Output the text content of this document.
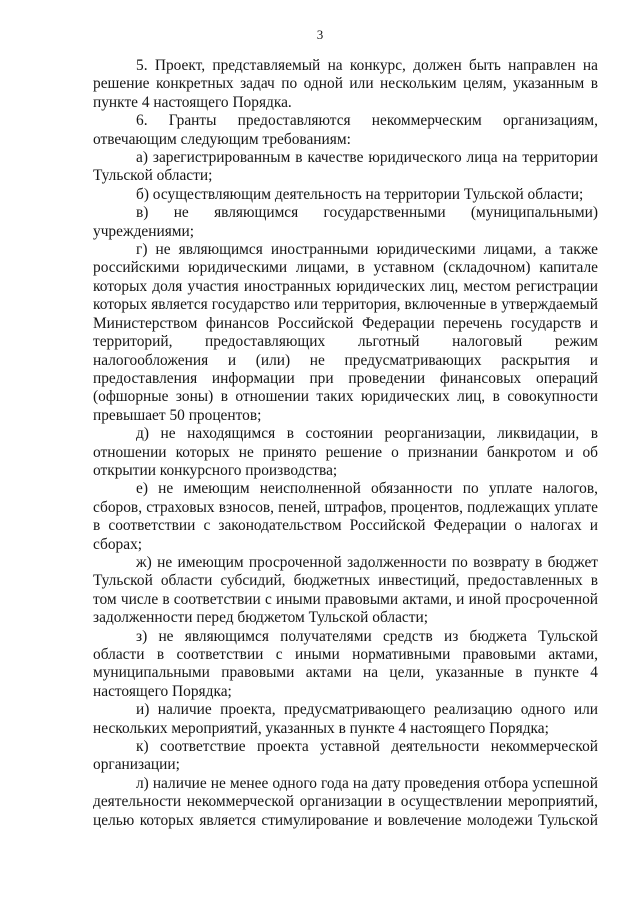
3

5. Проект, представляемый на конкурс, должен быть направлен на решение конкретных задач по одной или нескольким целям, указанным в пункте 4 настоящего Порядка.

6. Гранты предоставляются некоммерческим организациям, отвечающим следующим требованиям:

а) зарегистрированным в качестве юридического лица на территории Тульской области;

б) осуществляющим деятельность на территории Тульской области;

в) не являющимся государственными (муниципальными) учреждениями;

г) не являющимся иностранными юридическими лицами, а также российскими юридическими лицами, в уставном (складочном) капитале которых доля участия иностранных юридических лиц, местом регистрации которых является государство или территория, включенные в утверждаемый Министерством финансов Российской Федерации перечень государств и территорий, предоставляющих льготный налоговый режим налогообложения и (или) не предусматривающих раскрытия и предоставления информации при проведении финансовых операций (офшорные зоны) в отношении таких юридических лиц, в совокупности превышает 50 процентов;

д) не находящимся в состоянии реорганизации, ликвидации, в отношении которых не принято решение о признании банкротом и об открытии конкурсного производства;

е) не имеющим неисполненной обязанности по уплате налогов, сборов, страховых взносов, пеней, штрафов, процентов, подлежащих уплате в соответствии с законодательством Российской Федерации о налогах и сборах;

ж) не имеющим просроченной задолженности по возврату в бюджет Тульской области субсидий, бюджетных инвестиций, предоставленных в том числе в соответствии с иными правовыми актами, и иной просроченной задолженности перед бюджетом Тульской области;

з) не являющимся получателями средств из бюджета Тульской области в соответствии с иными нормативными правовыми актами, муниципальными правовыми актами на цели, указанные в пункте 4 настоящего Порядка;

и) наличие проекта, предусматривающего реализацию одного или нескольких мероприятий, указанных в пункте 4 настоящего Порядка;

к) соответствие проекта уставной деятельности некоммерческой организации;

л) наличие не менее одного года на дату проведения отбора успешной деятельности некоммерческой организации в осуществлении мероприятий, целью которых является стимулирование и вовлечение молодежи Тульской
